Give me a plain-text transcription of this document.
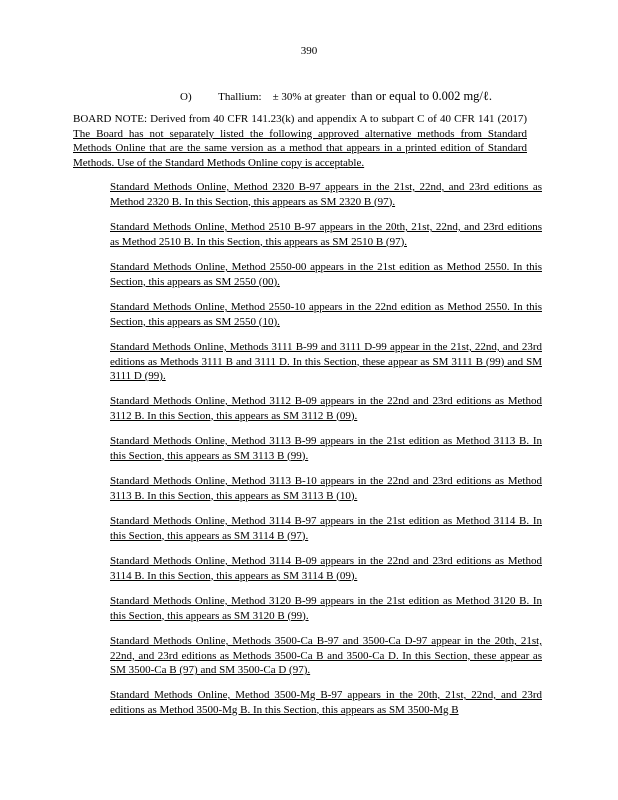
390
O) Thallium: ± 30% at greater than or equal to 0.002 mg/ℓ.
BOARD NOTE: Derived from 40 CFR 141.23(k) and appendix A to subpart C of 40 CFR 141 (2017) The Board has not separately listed the following approved alternative methods from Standard Methods Online that are the same version as a method that appears in a printed edition of Standard Methods. Use of the Standard Methods Online copy is acceptable.

Standard Methods Online, Method 2320 B-97 appears in the 21st, 22nd, and 23rd editions as Method 2320 B. In this Section, this appears as SM 2320 B (97).

Standard Methods Online, Method 2510 B-97 appears in the 20th, 21st, 22nd, and 23rd editions as Method 2510 B. In this Section, this appears as SM 2510 B (97).

Standard Methods Online, Method 2550-00 appears in the 21st edition as Method 2550. In this Section, this appears as SM 2550 (00).

Standard Methods Online, Method 2550-10 appears in the 22nd edition as Method 2550. In this Section, this appears as SM 2550 (10).

Standard Methods Online, Methods 3111 B-99 and 3111 D-99 appear in the 21st, 22nd, and 23rd editions as Methods 3111 B and 3111 D. In this Section, these appear as SM 3111 B (99) and SM 3111 D (99).

Standard Methods Online, Method 3112 B-09 appears in the 22nd and 23rd editions as Method 3112 B. In this Section, this appears as SM 3112 B (09).

Standard Methods Online, Method 3113 B-99 appears in the 21st edition as Method 3113 B. In this Section, this appears as SM 3113 B (99).

Standard Methods Online, Method 3113 B-10 appears in the 22nd and 23rd editions as Method 3113 B. In this Section, this appears as SM 3113 B (10).

Standard Methods Online, Method 3114 B-97 appears in the 21st edition as Method 3114 B. In this Section, this appears as SM 3114 B (97).

Standard Methods Online, Method 3114 B-09 appears in the 22nd and 23rd editions as Method 3114 B. In this Section, this appears as SM 3114 B (09).

Standard Methods Online, Method 3120 B-99 appears in the 21st edition as Method 3120 B. In this Section, this appears as SM 3120 B (99).

Standard Methods Online, Methods 3500-Ca B-97 and 3500-Ca D-97 appear in the 20th, 21st, 22nd, and 23rd editions as Methods 3500-Ca B and 3500-Ca D. In this Section, these appear as SM 3500-Ca B (97) and SM 3500-Ca D (97).

Standard Methods Online, Method 3500-Mg B-97 appears in the 20th, 21st, 22nd, and 23rd editions as Method 3500-Mg B. In this Section, this appears as SM 3500-Mg B
